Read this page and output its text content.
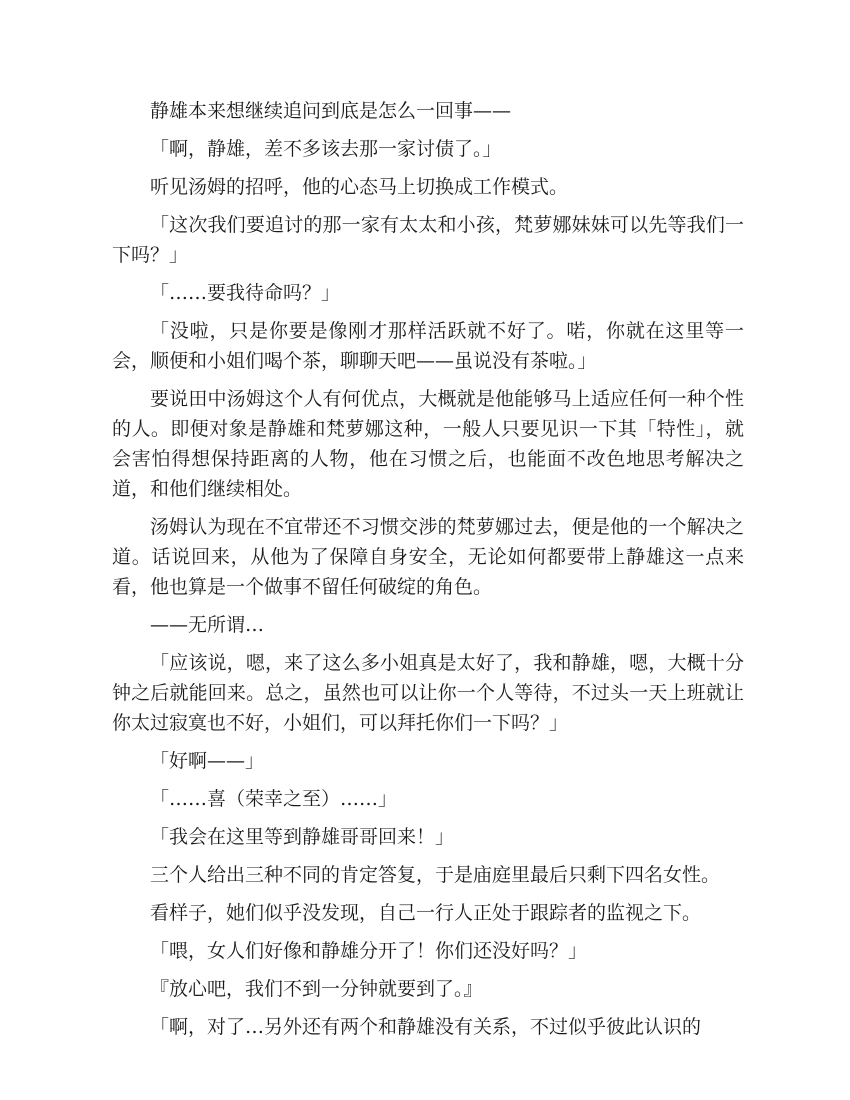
静雄本来想继续追问到底是怎么一回事——

「啊，静雄，差不多该去那一家讨债了。」

听见汤姆的招呼，他的心态马上切换成工作模式。

「这次我们要追讨的那一家有太太和小孩，梵萝娜妹妹可以先等我们一下吗？」

「……要我待命吗？」

「没啦，只是你要是像刚才那样活跃就不好了。喏，你就在这里等一会，顺便和小姐们喝个茶，聊聊天吧——虽说没有茶啦。」

要说田中汤姆这个人有何优点，大概就是他能够马上适应任何一种个性的人。即便对象是静雄和梵萝娜这种，一般人只要见识一下其「特性」，就会害怕得想保持距离的人物，他在习惯之后，也能面不改色地思考解决之道，和他们继续相处。

汤姆认为现在不宜带还不习惯交涉的梵萝娜过去，便是他的一个解决之道。话说回来，从他为了保障自身安全，无论如何都要带上静雄这一点来看，他也算是一个做事不留任何破绽的角色。

——无所谓…

「应该说，嗯，来了这么多小姐真是太好了，我和静雄，嗯，大概十分钟之后就能回来。总之，虽然也可以让你一个人等待，不过头一天上班就让你太过寂寞也不好，小姐们，可以拜托你们一下吗？」

「好啊——」

「……喜（荣幸之至）……」

「我会在这里等到静雄哥哥回来！」

三个人给出三种不同的肯定答复，于是庙庭里最后只剩下四名女性。

看样子，她们似乎没发现，自己一行人正处于跟踪者的监视之下。

「喂，女人们好像和静雄分开了！你们还没好吗？」

『放心吧，我们不到一分钟就要到了。』

「啊，对了…另外还有两个和静雄没有关系，不过似乎彼此认识的
